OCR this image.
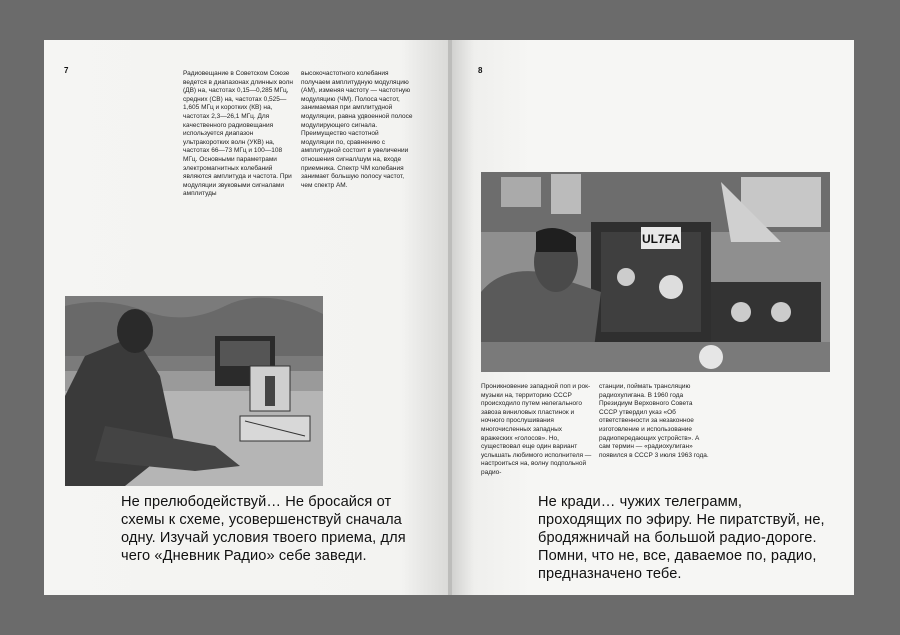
7	Радиовещание в Советском Союзе ведется в диапазонах длинных волн (ДВ) на, частотах 0,15—0,285 МГц, средних (СВ) на, частотах 0,525—1,605 МГц и коротких (КВ) на, частотах 2,3—26,1 МГц. Для качественного радиовещания используется диапазон ультракоротких волн (УКВ) на, частотах 66—73 МГц и 100—108 МГц. Основными параметрами электромагнитных колебаний являются амплитуда и частота. При модуляции звуковыми сигналами амплитуды
высокочастотного колебания получаем амплитудную модуляцию (АМ), изменяя частоту — частотную модуляцию (ЧМ). Полоса частот, занимаемая при амплитудной модуляции, равна удвоенной полосе модулирующего сигнала. Преимущество частотной модуляции по, сравнению с амплитудной состоит в увеличении отношения сигнал/шум на, входе приемника. Спектр ЧМ колебания занимает большую полосу частот, чем спектр АМ.
Не прелюбодействуй… Не бросайся от схемы к схеме, усовершенствуй сначала одну. Изучай условия твоего приема, для чего «Дневник Радио» себе заведи.
8
UL7FA
Проникновение западной поп и рок-музыки на, территорию СССР происходило путем нелегального завоза виниловых пластинок и ночного прослушивания многочисленных западных вражеских «голосов». Но, существовал еще один вариант услышать любимого исполнителя — настроиться на, волну подпольной радио-
станции, поймать трансляцию радиохулигана. В 1960 года Президиум Верховного Совета СССР утвердил указ «Об ответственности за незаконное изготовление и использование радиопередающих устройств». А сам термин — «радиохулиган» появился в СССР 3 июля 1963 года.
Не кради… чужих телеграмм, проходящих по эфиру. Не пиратствуй, не, бродяжничай на большой радио-дороге. Помни, что не, все, даваемое по, радио, предназначено тебе.
